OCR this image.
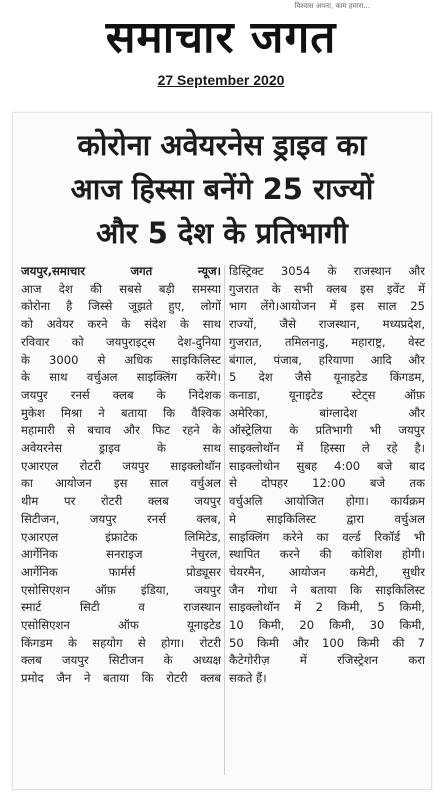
विश्वास अपना, काम हमारा...
समाचार जगत
27 September 2020
कोरोना अवेयरनेस ड्राइव का
आज हिस्सा बनेंगे 25 राज्यों
और 5 देश के प्रतिभागी
जयपुर,समाचार जगत न्यूज।
आज देश की सबसे बड़ी समस्या
कोरोना है जिस्से जूझते हुए, लोगों
को अवेयर करने के संदेश के साथ
रविवार को जयपुराइट्स देश-दुनिया
के 3000 से अधिक साइकिलिस्ट
के साथ वर्चुअल साइक्लिंग करेंगे।
जयपुर रनर्स क्लब के निदेशक
मुकेश मिश्रा ने बताया कि वैश्विक
महामारी से बचाव और फिट रहने के
अवेयरनेस ड्राइव के साथ
एआरएल रोटरी जयपुर साइक्लोथॉन
का आयोजन इस साल वर्चुअल
थीम पर रोटरी क्लब जयपुर
सिटीजन, जयपुर रनर्स क्लब,
एआरएल इंफ्राटेक लिमिटेड,
आर्गेनिक सनराइज नेचुरल,
आर्गेनिक फार्मर्स प्रोड्यूसर
एसोसिएशन ऑफ़ इंडिया, जयपुर
स्मार्ट सिटी व राजस्थान
एसोसिएशन ऑफ यूनाइटेड
किंगडम के सहयोग से होगा। रोटरी
क्लब जयपुर सिटीजन के अध्यक्ष
प्रमोद जैन ने बताया कि रोटरी क्लब
डिस्ट्रिक्ट 3054 के राजस्थान और
गुजरात के सभी क्लब इस इवेंट में
भाग लेंगे।आयोजन में इस साल 25
राज्यों, जैसे राजस्थान, मध्यप्रदेश,
गुजरात, तमिलनाडु, महाराष्ट्र, वेस्ट
बंगाल, पंजाब, हरियाणा आदि और
5 देश जैसे यूनाइटेड किंगडम,
कनाडा, यूनाइटेड स्टेट्स ऑफ़
अमेरिका, बांग्लादेश और
ऑस्ट्रेलिया के प्रतिभागी भी जयपुर
साइक्लोथॉन में हिस्सा ले रहे है।
साइक्लोथोन सुबह 4:00 बजे बाद
से दोपहर 12:00 बजे तक
वर्चुअलि आयोजित होगा। कार्यक्रम
मे साइकिलिस्ट द्वारा वर्चुअल
साइक्लिंग करेने का वर्ल्ड रिकॉर्ड भी
स्थापित करने की कोशिश होगी।
चेयरमैन, आयोजन कमेटी, सुधीर
जैन गोधा ने बताया कि साइकिलिस्ट
साइक्लोथॉन में 2 किमी, 5 किमी,
10 किमी, 20 किमी, 30 किमी,
50 किमी और 100 किमी की 7
कैटेगोरीज़ में रजिस्ट्रेशन करा
सकते हैं।
